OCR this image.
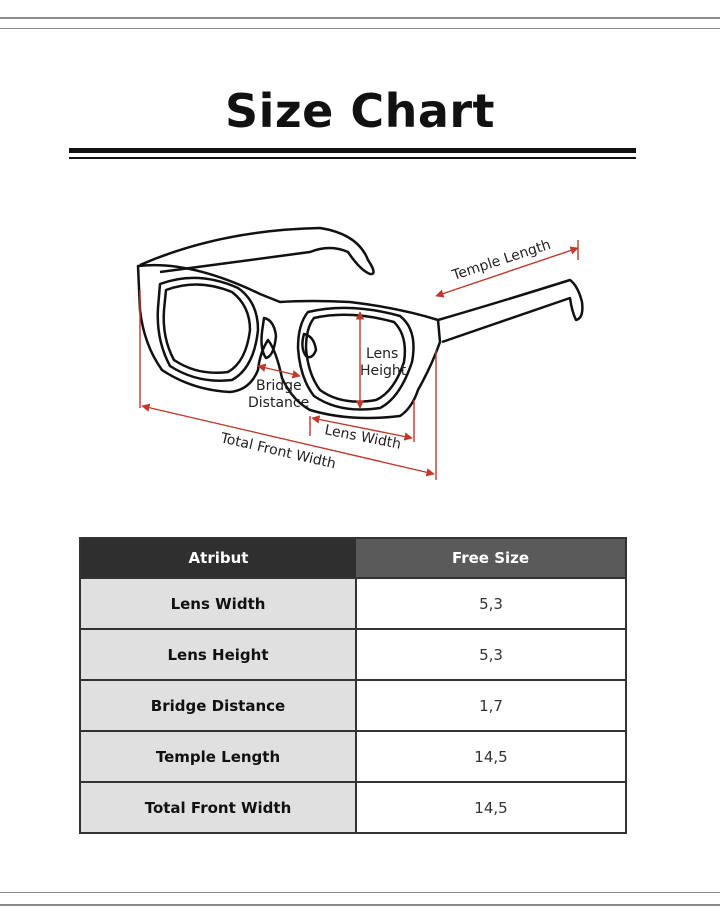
Size Chart
Temple Length
Lens
Height
Bridge
Distance
Lens Width
Total Front Width
Atribut	Free Size
Lens Width	5,3
Lens Height	5,3
Bridge Distance	1,7
Temple Length	14,5
Total Front Width	14,5
